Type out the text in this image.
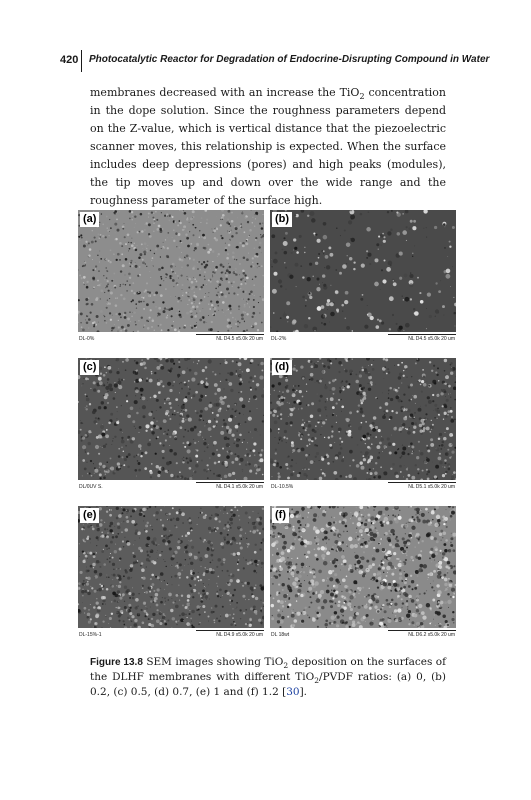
420 Photocatalytic Reactor for Degradation of Endocrine-Disrupting Compound in Water

membranes decreased with an increase the TiO$_2$ concentration in the dope solution. Since the roughness parameters depend on the Z-value, which is vertical distance that the piezoelectric scanner moves, this relationship is expected. When the surface includes deep depressions (pores) and high peaks (modules), the tip moves up and down over the wide range and the roughness parameter of the surface high.

(a)
DL-0%	NL D4.5 x5.0k 20 um
(b)
DL-2%	NL D4.5 x5.0k 20 um
(c)
DL/0UV S.	NL D4.1 x5.0k 20 um
(d)
DL-10.5%	NL D5.1 x5.0k 20 um
(e)
DL-15%-1	NL D4.9 x5.0k 20 um
(f)
DL 18wt	NL D6.2 x5.0k 20 um

Figure 13.8 SEM images showing TiO$_2$ deposition on the surfaces of the DLHF membranes with different TiO$_2$/PVDF ratios: (a) 0, (b) 0.2, (c) 0.5, (d) 0.7, (e) 1 and (f) 1.2 [30].
